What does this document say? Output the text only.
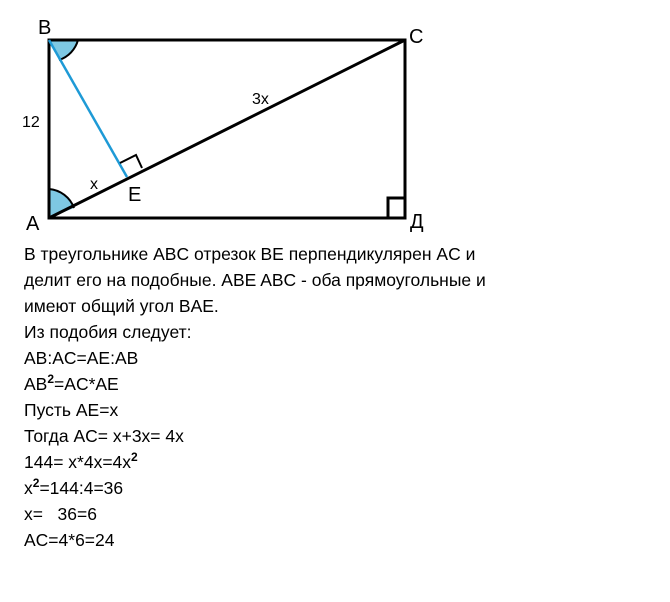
B	C
A	Д
E
12
x
3x

В треугольнике ABC отрезок BE перпендикулярен AC и

делит его на подобные. ABE ABC - оба прямоугольные и

имеют общий угол BAE.

Из подобия следует:

AB:AC=AE:AB

$AB^2=AC*AE$

Пусть AE=x

Тогда AC= x+3x= 4x

$144= x*4x=4x^2$

$x^2=144:4=36$

x=   36=6

AC=4*6=24
